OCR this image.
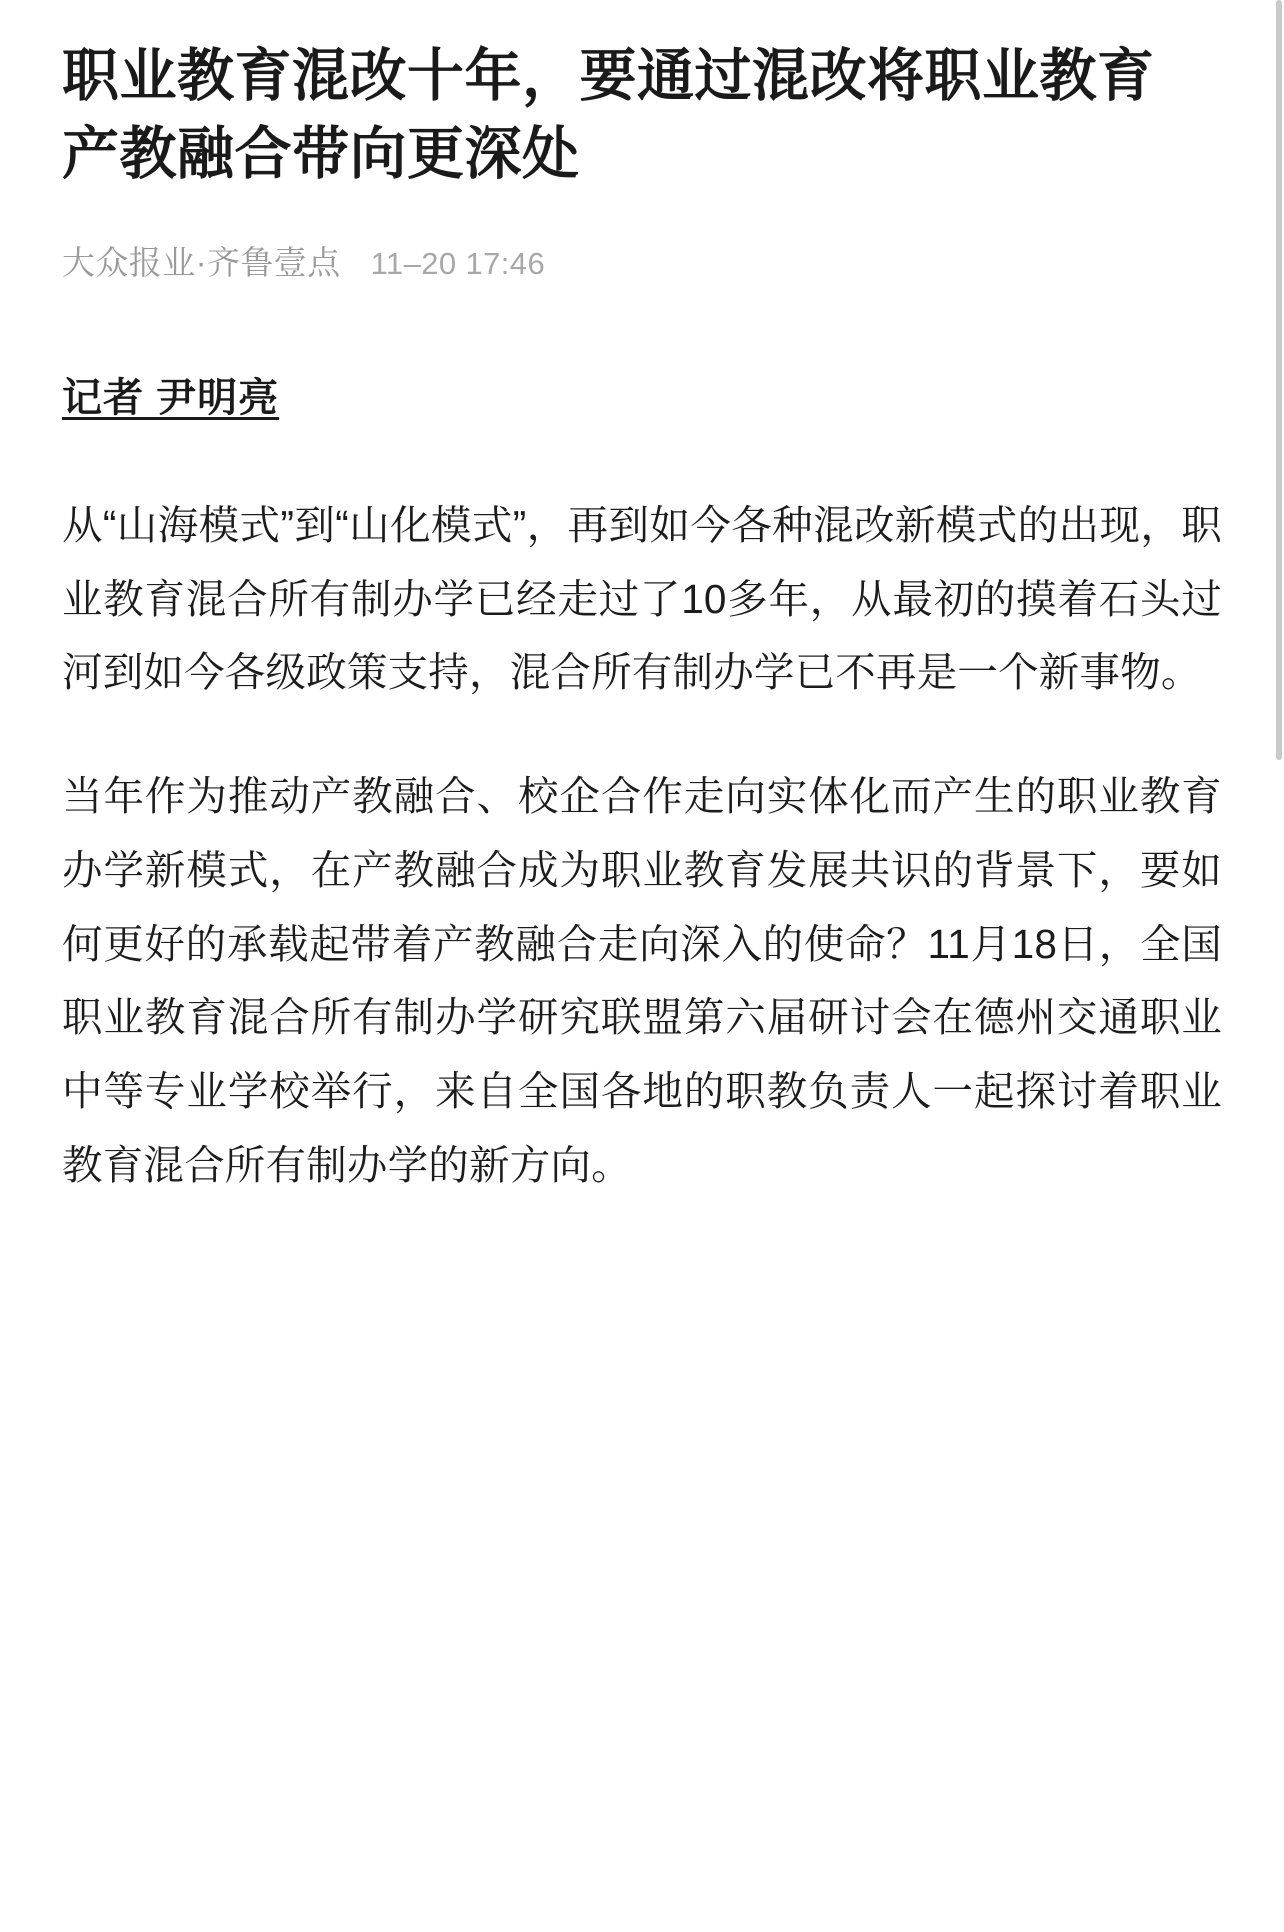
职业教育混改十年，要通过混改将职业教育产教融合带向更深处
大众报业·齐鲁壹点 11–20 17:46
记者 尹明亮

从“山海模式”到“山化模式”，再到如今各种混改新模式的出现，职业教育混合所有制办学已经走过了10多年，从最初的摸着石头过河到如今各级政策支持，混合所有制办学已不再是一个新事物。

当年作为推动产教融合、校企合作走向实体化而产生的职业教育办学新模式，在产教融合成为职业教育发展共识的背景下，要如何更好的承载起带着产教融合走向深入的使命？11月18日，全国职业教育混合所有制办学研究联盟第六届研讨会在德州交通职业中等专业学校举行，来自全国各地的职教负责人一起探讨着职业教育混合所有制办学的新方向。
